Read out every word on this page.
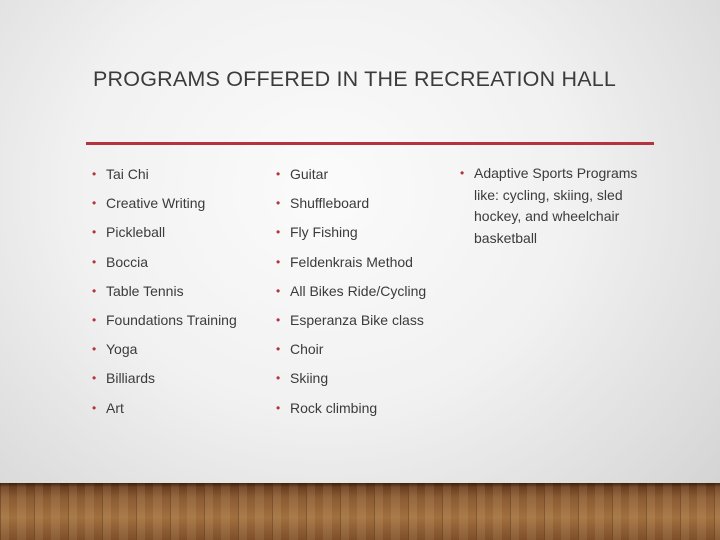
PROGRAMS OFFERED IN THE RECREATION HALL
• Tai Chi
• Creative Writing
• Pickleball
• Boccia
• Table Tennis
• Foundations Training
• Yoga
• Billiards
• Art
• Guitar
• Shuffleboard
• Fly Fishing
• Feldenkrais Method
• All Bikes Ride/Cycling
• Esperanza Bike class
• Choir
• Skiing
• Rock climbing
• Adaptive Sports Programs like: cycling, skiing, sled hockey, and wheelchair basketball
